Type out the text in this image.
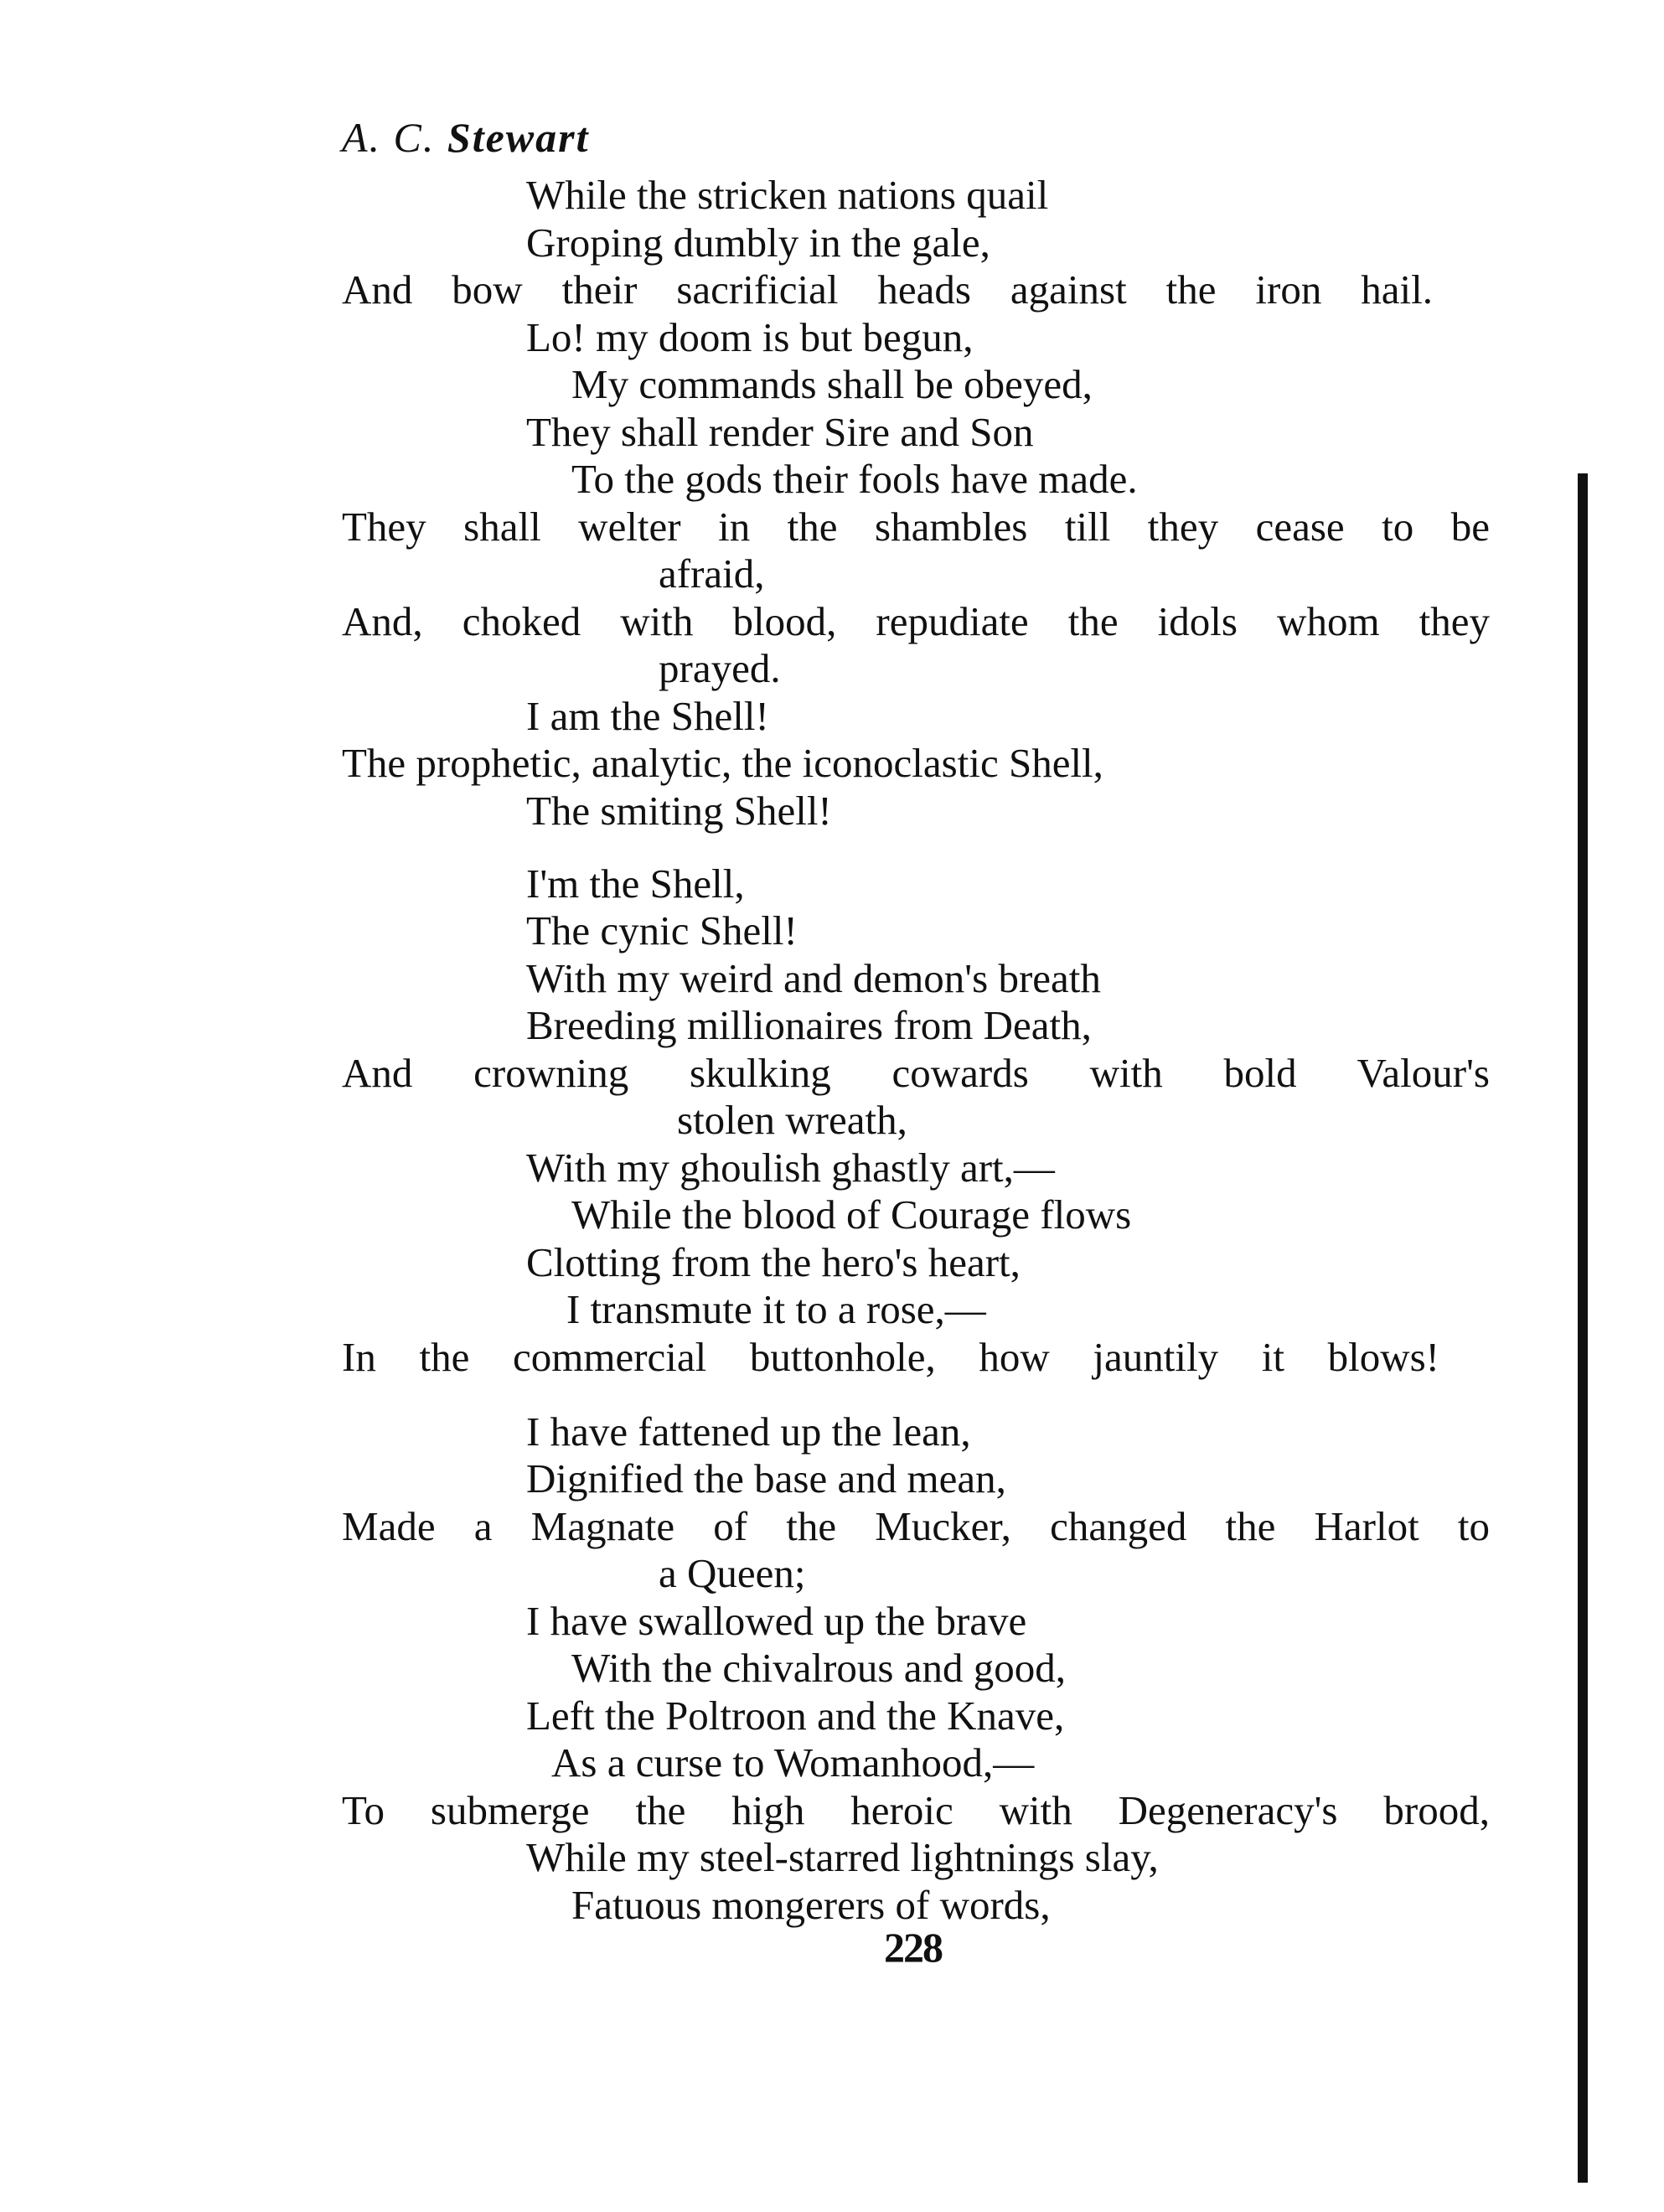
A. C. Stewart
While the stricken nations quail
Groping dumbly in the gale,
And bow their sacrificial heads against the iron hail.
Lo! my doom is but begun,
My commands shall be obeyed,
They shall render Sire and Son
To the gods their fools have made.
They shall welter in the shambles till they cease to be
afraid,
And, choked with blood, repudiate the idols whom they
prayed.
I am the Shell!
The prophetic, analytic, the iconoclastic Shell,
The smiting Shell!
I'm the Shell,
The cynic Shell!
With my weird and demon's breath
Breeding millionaires from Death,
And crowning skulking cowards with bold Valour's
stolen wreath,
With my ghoulish ghastly art,—
While the blood of Courage flows
Clotting from the hero's heart,
I transmute it to a rose,—
In the commercial buttonhole, how jauntily it blows!
I have fattened up the lean,
Dignified the base and mean,
Made a Magnate of the Mucker, changed the Harlot to
a Queen;
I have swallowed up the brave
With the chivalrous and good,
Left the Poltroon and the Knave,
As a curse to Womanhood,—
To submerge the high heroic with Degeneracy's brood,
While my steel-starred lightnings slay,
Fatuous mongerers of words,
228
